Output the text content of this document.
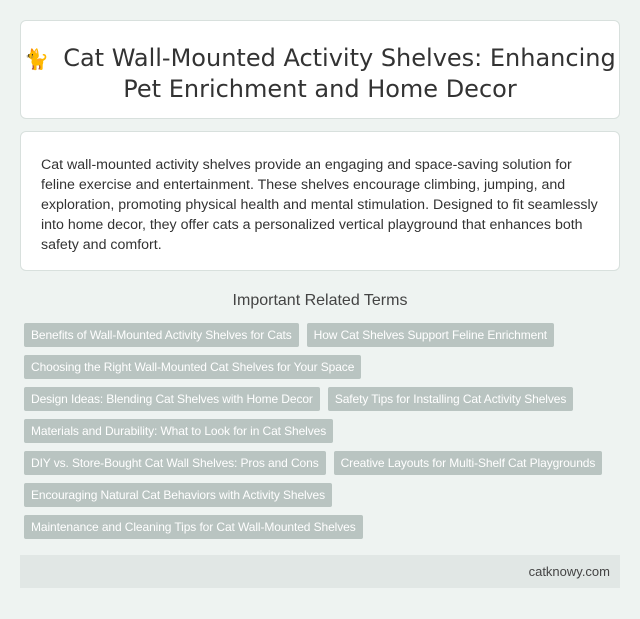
🐈 Cat Wall-Mounted Activity Shelves: Enhancing Pet Enrichment and Home Decor

Cat wall-mounted activity shelves provide an engaging and space-saving solution for feline exercise and entertainment. These shelves encourage climbing, jumping, and exploration, promoting physical health and mental stimulation. Designed to fit seamlessly into home decor, they offer cats a personalized vertical playground that enhances both safety and comfort.

Important Related Terms
Benefits of Wall-Mounted Activity Shelves for Cats	How Cat Shelves Support Feline Enrichment
Choosing the Right Wall-Mounted Cat Shelves for Your Space
Design Ideas: Blending Cat Shelves with Home Decor	Safety Tips for Installing Cat Activity Shelves
Materials and Durability: What to Look for in Cat Shelves
DIY vs. Store-Bought Cat Wall Shelves: Pros and Cons	Creative Layouts for Multi-Shelf Cat Playgrounds
Encouraging Natural Cat Behaviors with Activity Shelves
Maintenance and Cleaning Tips for Cat Wall-Mounted Shelves
catknowy.com
